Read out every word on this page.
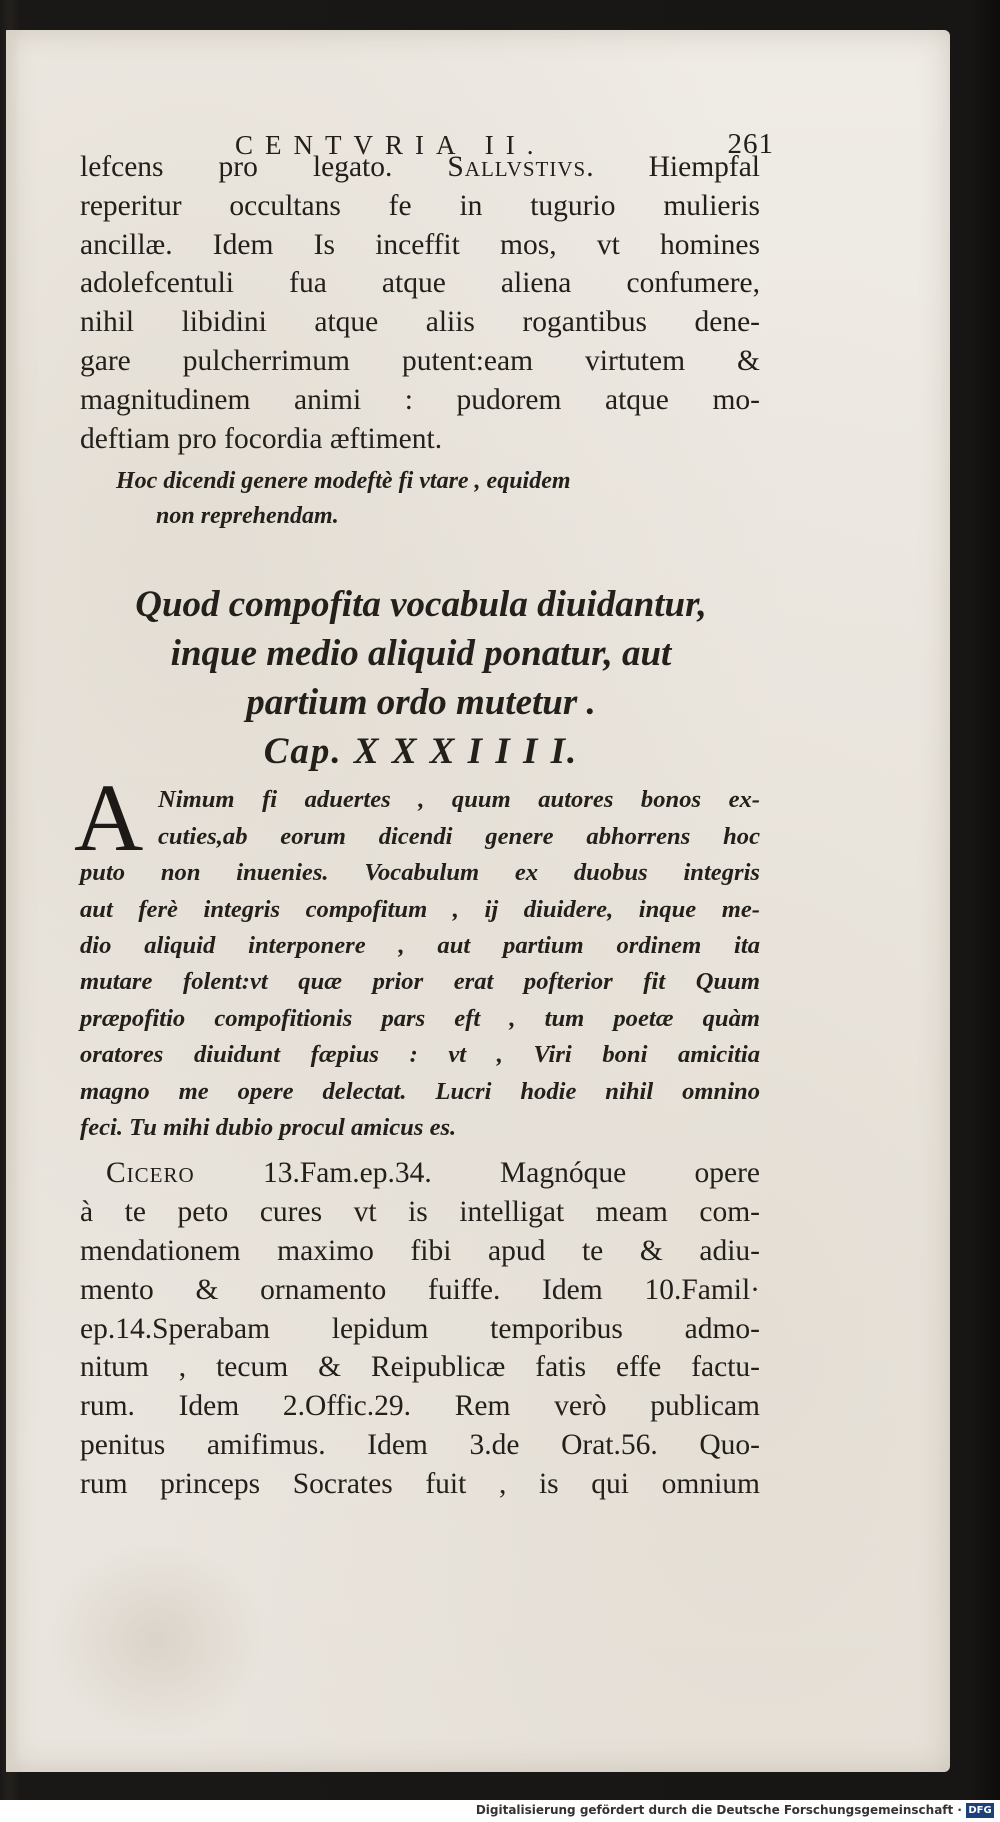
CENTVRIA II.	261

lefcens pro legato. Sallvstivs. Hiempfal
reperitur occultans fe in tugurio mulieris
ancillæ. Idem Is inceffit mos, vt homines
adolefcentuli fua atque aliena confumere,
nihil libidini atque aliis rogantibus dene-
gare pulcherrimum putent:eam virtutem &
magnitudinem animi : pudorem atque mo-
deftiam pro focordia æftiment.

Hoc dicendi genere modeftè fi vtare , equidem
non reprehendam.

Quod compofita vocabula diuidantur,
inque medio aliquid ponatur, aut
partium ordo mutetur .
Cap. X X X I I I I.
A Nimum fi aduertes , quum autores bonos ex-
cuties,ab eorum dicendi genere abhorrens hoc
puto non inuenies. Vocabulum ex duobus integris
aut ferè integris compofitum , ij diuidere, inque me-
dio aliquid interponere , aut partium ordinem ita
mutare folent:vt quæ prior erat pofterior fit Quum
præpofitio compofitionis pars eft , tum poetæ quàm
oratores diuidunt fæpius : vt , Viri boni amicitia
magno me opere delectat. Lucri hodie nihil omnino
feci. Tu mihi dubio procul amicus es.

Cicero 13.Fam.ep.34. Magnóque opere
à te peto cures vt is intelligat meam com-
mendationem maximo fibi apud te & adiu-
mento & ornamento fuiffe. Idem 10.Famil·
ep.14.Sperabam lepidum temporibus admo-
nitum , tecum & Reipublicæ fatis effe factu-
rum. Idem 2.Offic.29. Rem verò publicam
penitus amifimus. Idem 3.de Orat.56. Quo-
rum princeps Socrates fuit , is qui omnium

Digitalisierung gefördert durch die Deutsche Forschungsgemeinschaft · DFG
